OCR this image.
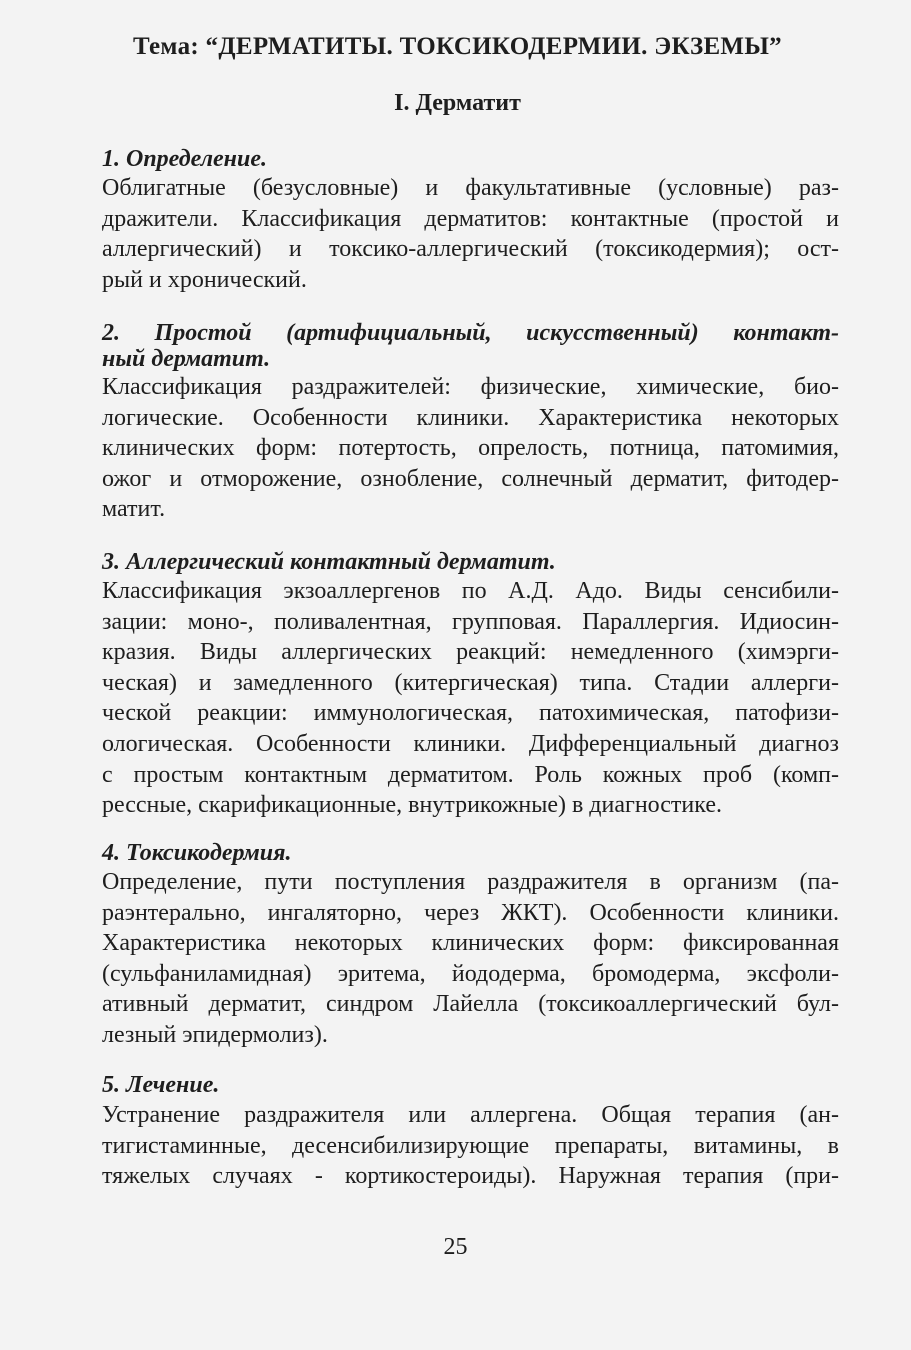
Тема: “ДЕРМАТИТЫ. ТОКСИКОДЕРМИИ. ЭКЗЕМЫ”
I. Дерматит
1. Определение.
Облигатные (безусловные) и факультативные (условные) раз-
дражители. Классификация дерматитов: контактные (простой и
аллергический) и токсико-аллергический (токсикодермия); ост-
рый и хронический.
2. Простой (артифициальный, искусственный) контакт-
ный дерматит.
Классификация раздражителей: физические, химические, био-
логические. Особенности клиники. Характеристика некоторых
клинических форм: потертость, опрелость, потница, патомимия,
ожог и отморожение, ознобление, солнечный дерматит, фитодер-
матит.
3. Аллергический контактный дерматит.
Классификация экзоаллергенов по А.Д. Адо. Виды сенсибили-
зации: моно-, поливалентная, групповая. Параллергия. Идиосин-
кразия. Виды аллергических реакций: немедленного (химэрги-
ческая) и замедленного (китергическая) типа. Стадии аллерги-
ческой реакции: иммунологическая, патохимическая, патофизи-
ологическая. Особенности клиники. Дифференциальный диагноз
с простым контактным дерматитом. Роль кожных проб (комп-
рессные, скарификационные, внутрикожные) в диагностике.
4. Токсикодермия.
Определение, пути поступления раздражителя в организм (па-
раэнтерально, ингаляторно, через ЖКТ). Особенности клиники.
Характеристика некоторых клинических форм: фиксированная
(сульфаниламидная) эритема, йододерма, бромодерма, эксфоли-
ативный дерматит, синдром Лайелла (токсикоаллергический бул-
лезный эпидермолиз).
5. Лечение.
Устранение раздражителя или аллергена. Общая терапия (ан-
тигистаминные, десенсибилизирующие препараты, витамины, в
тяжелых случаях - кортикостероиды). Наружная терапия (при-
25
